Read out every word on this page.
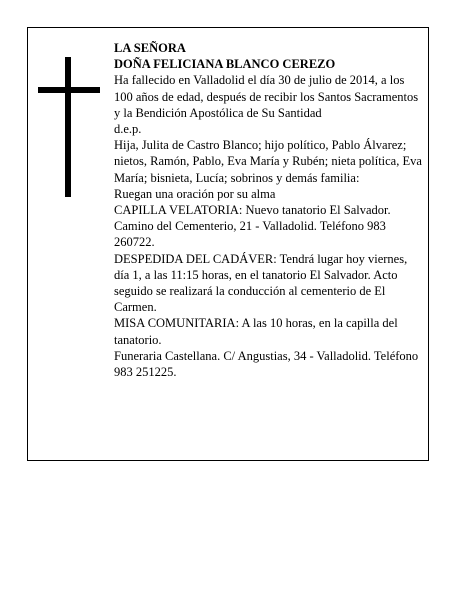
LA SEÑORA

DOÑA FELICIANA BLANCO CEREZO

Ha fallecido en Valladolid el día 30 de julio de 2014, a los 100 años de edad, después de recibir los Santos Sacramentos y la Bendición Apostólica de Su Santidad

d.e.p.

Hija, Julita de Castro Blanco; hijo político, Pablo Álvarez; nietos, Ramón, Pablo, Eva María y Rubén; nieta política, Eva María; bisnieta, Lucía; sobrinos y demás familia:

Ruegan una oración por su alma

CAPILLA VELATORIA: Nuevo tanatorio El Salvador. Camino del Cementerio, 21 - Valladolid. Teléfono 983 260722.

DESPEDIDA DEL CADÁVER: Tendrá lugar hoy viernes, día 1, a las 11:15 horas, en el tanatorio El Salvador. Acto seguido se realizará la conducción al cementerio de El Carmen.

MISA COMUNITARIA: A las 10 horas, en la capilla del tanatorio.

Funeraria Castellana. C/ Angustias, 34 - Valladolid. Teléfono 983 251225.
